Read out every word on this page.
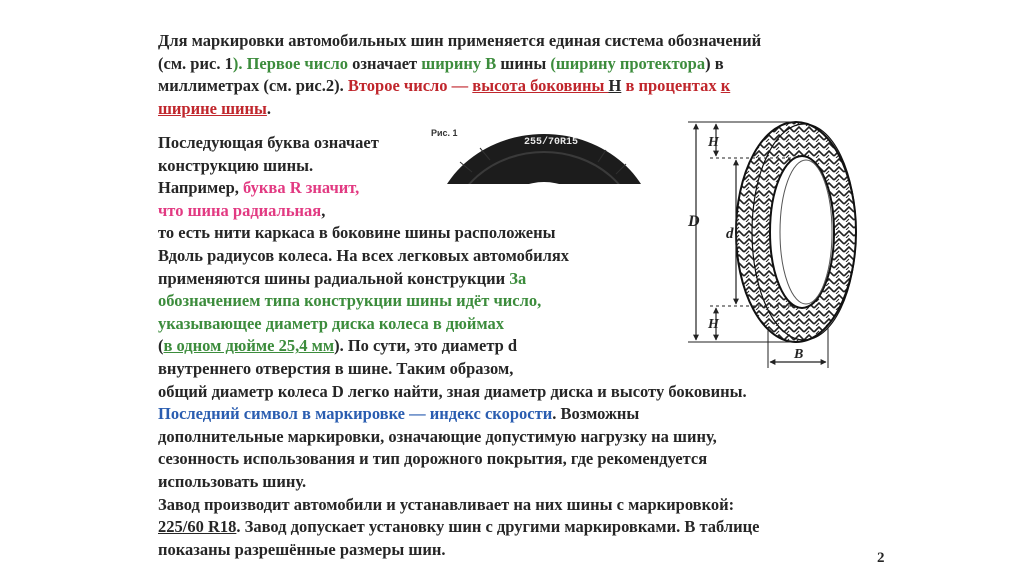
Для маркировки автомобильных шин применяется единая система обозначений
(см. рис. 1). Первое число означает ширину В шины (ширину протектора) в
миллиметрах (см. рис.2). Второе число — высота боковины Н в процентах к
ширине шины.
Последующая буква означает
конструкцию шины.
Например, буква R значит,
что шина радиальная,
то есть нити каркаса в боковине шины расположены
Вдоль радиусов колеса. На всех легковых автомобилях
применяются шины радиальной конструкции За
обозначением типа конструкции шины идёт число,
указывающее диаметр диска колеса в дюймах
(в одном дюйме 25,4 мм). По сути, это диаметр d
внутреннего отверстия в шине. Таким образом,
общий диаметр колеса D легко найти, зная диаметр диска и высоту боковины.
Последний символ в маркировке — индекс скорости. Возможны
дополнительные маркировки, означающие допустимую нагрузку на шину,
сезонность использования и тип дорожного покрытия, где рекомендуется
использовать шину.
Завод производит автомобили и устанавливает на них шины с маркировкой:
225/60 R18. Завод допускает установку шин с другими маркировками. В таблице
показаны разрешённые размеры шин.
Рис. 1
255/70R15
D
H
H
d
B
2
